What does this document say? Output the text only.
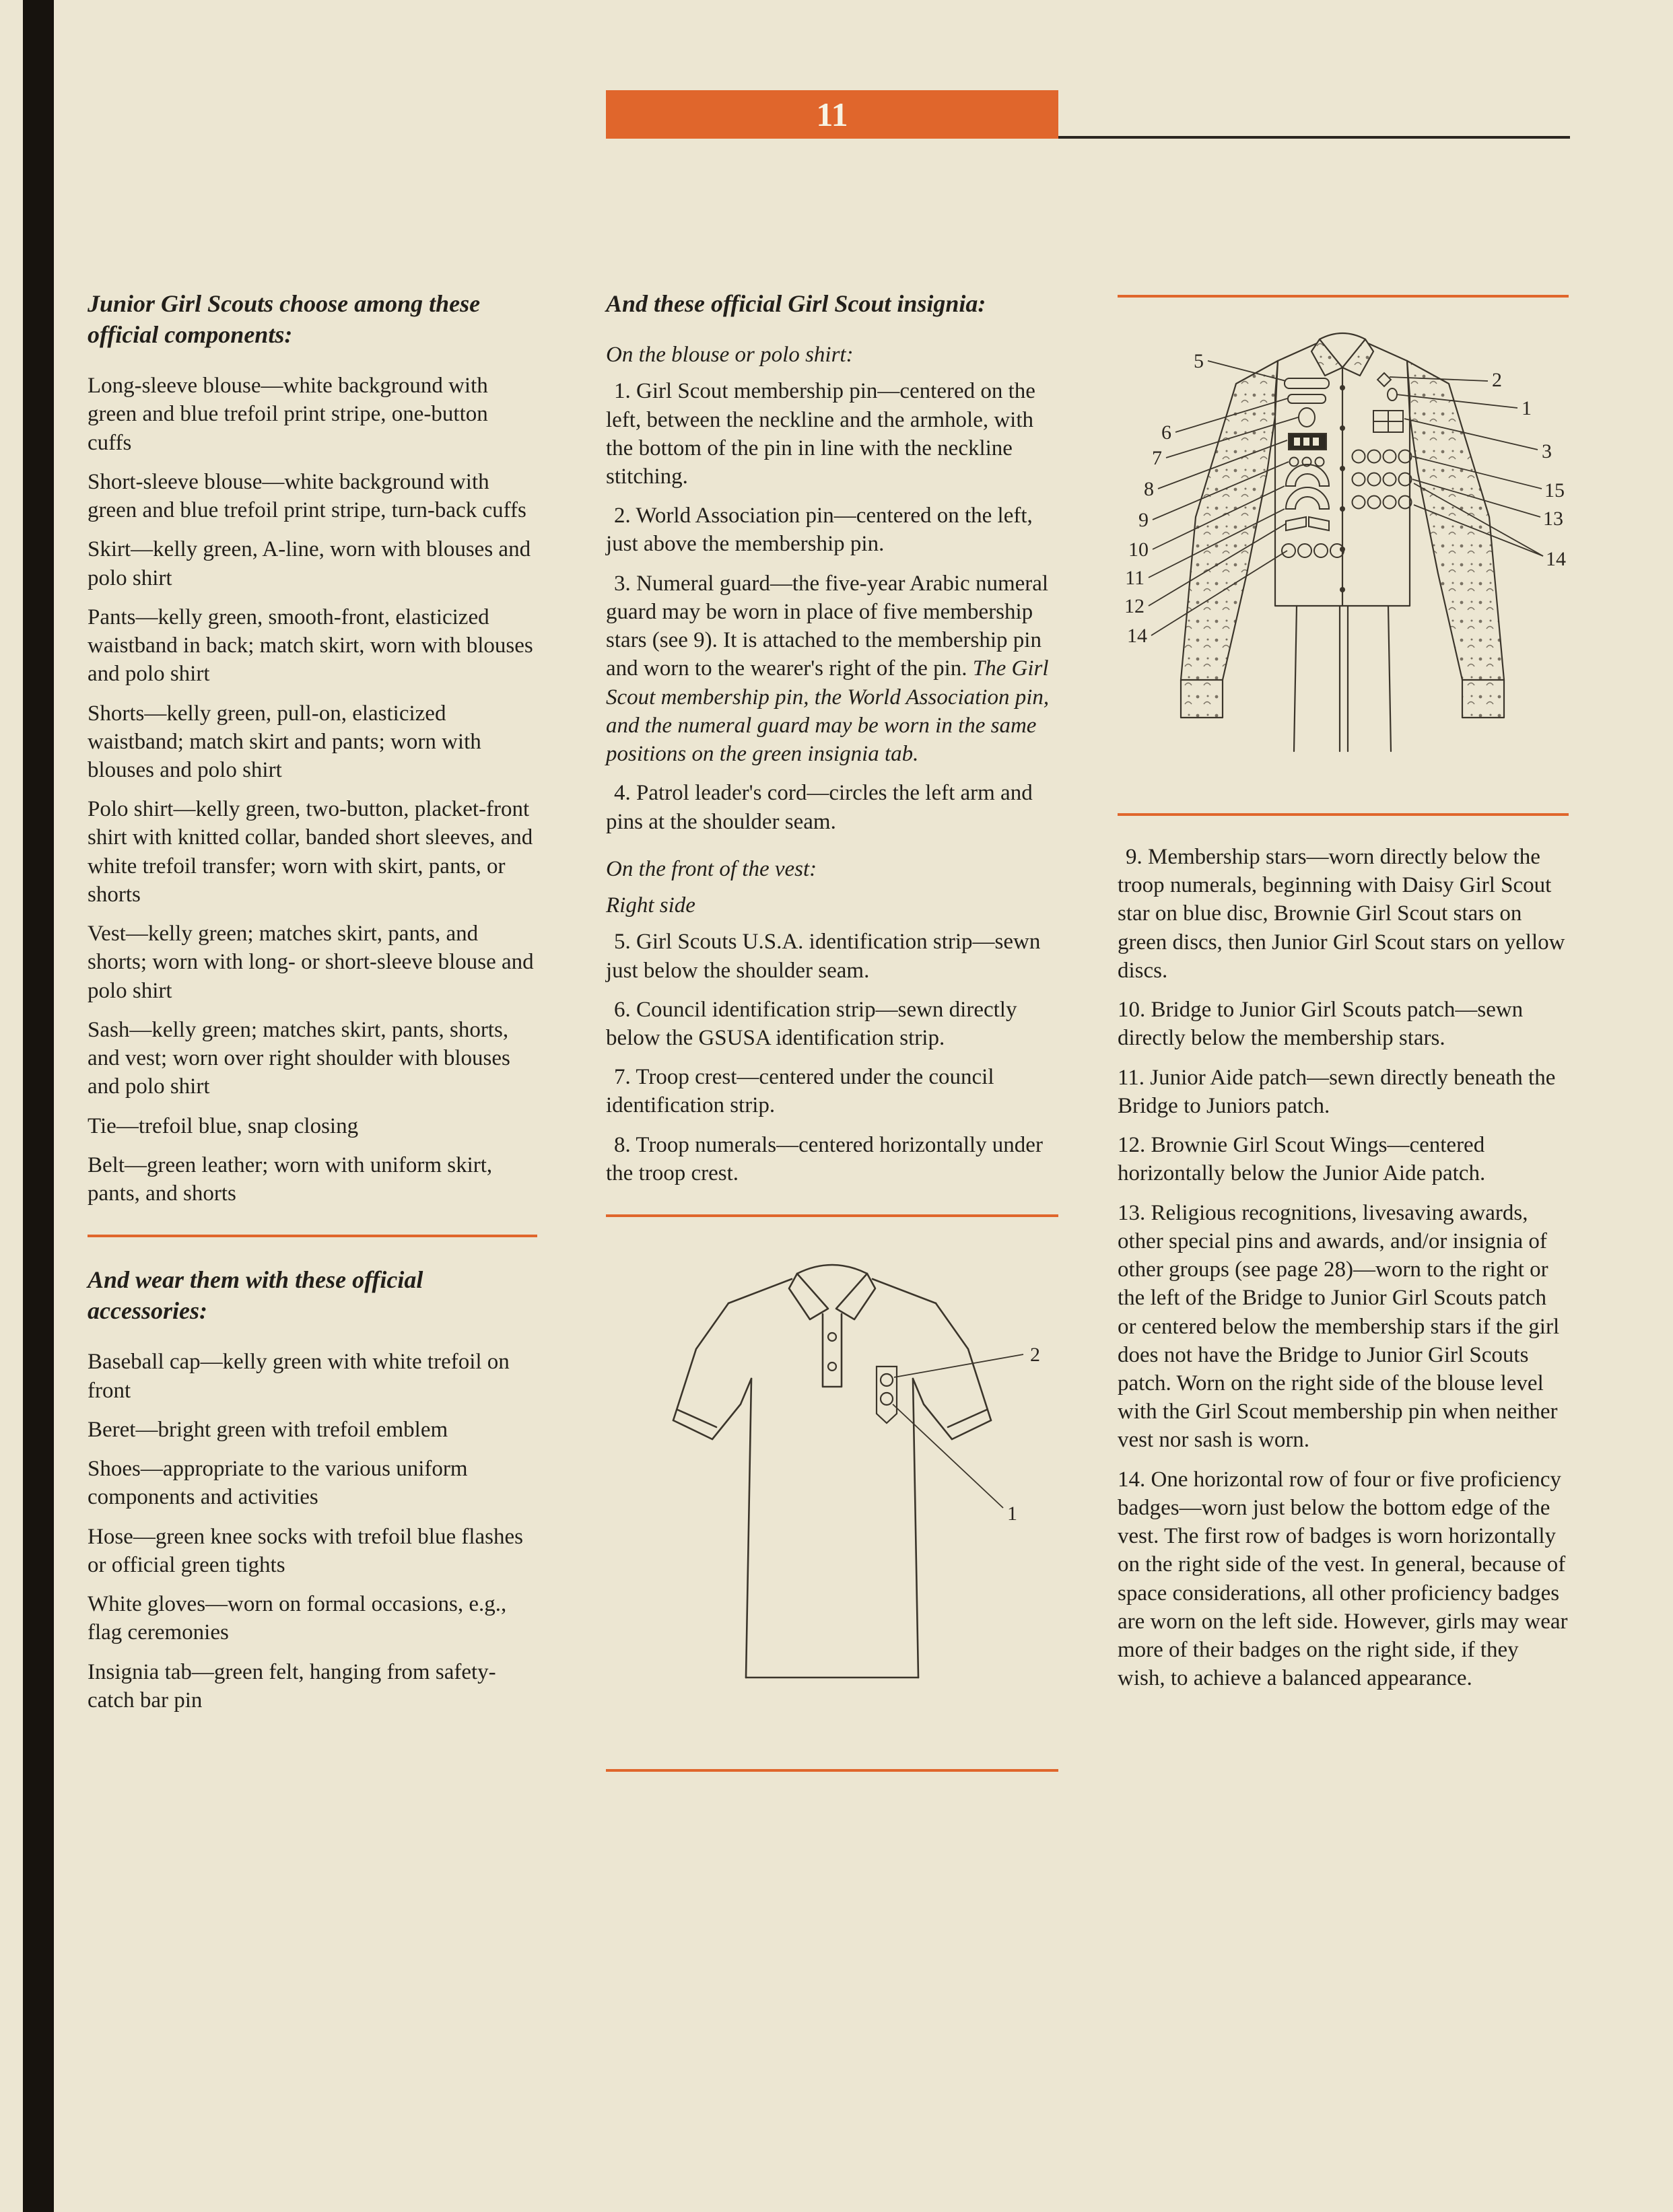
11
Junior Girl Scouts choose among these official components:

Long-sleeve blouse—white background with green and blue trefoil print stripe, one-button cuffs

Short-sleeve blouse—white background with green and blue trefoil print stripe, turn-back cuffs

Skirt—kelly green, A-line, worn with blouses and polo shirt

Pants—kelly green, smooth-front, elasticized waistband in back; match skirt, worn with blouses and polo shirt

Shorts—kelly green, pull-on, elasticized waistband; match skirt and pants; worn with blouses and polo shirt

Polo shirt—kelly green, two-button, placket-front shirt with knitted collar, banded short sleeves, and white trefoil transfer; worn with skirt, pants, or shorts

Vest—kelly green; matches skirt, pants, and shorts; worn with long- or short-sleeve blouse and polo shirt

Sash—kelly green; matches skirt, pants, shorts, and vest; worn over right shoulder with blouses and polo shirt

Tie—trefoil blue, snap closing

Belt—green leather; worn with uniform skirt, pants, and shorts

And wear them with these official accessories:

Baseball cap—kelly green with white trefoil on front

Beret—bright green with trefoil emblem

Shoes—appropriate to the various uniform components and activities

Hose—green knee socks with trefoil blue flashes or official green tights

White gloves—worn on formal occasions, e.g., flag ceremonies

Insignia tab—green felt, hanging from safety-catch bar pin

And these official Girl Scout insignia:

On the blouse or polo shirt:

1. Girl Scout membership pin—centered on the left, between the neckline and the armhole, with the bottom of the pin in line with the neckline stitching.

2. World Association pin—centered on the left, just above the membership pin.

3. Numeral guard—the five-year Arabic numeral guard may be worn in place of five membership stars (see 9). It is attached to the membership pin and worn to the wearer's right of the pin. The Girl Scout membership pin, the World Association pin, and the numeral guard may be worn in the same positions on the green insignia tab.

4. Patrol leader's cord—circles the left arm and pins at the shoulder seam.

On the front of the vest:

Right side

5. Girl Scouts U.S.A. identification strip—sewn just below the shoulder seam.

6. Council identification strip—sewn directly below the GSUSA identification strip.

7. Troop crest—centered under the council identification strip.

8. Troop numerals—centered horizontally under the troop crest.

2
1
5
6
7
8
9
10
11
12
14
2
1
3
15
13
14

9. Membership stars—worn directly below the troop numerals, beginning with Daisy Girl Scout star on blue disc, Brownie Girl Scout stars on green discs, then Junior Girl Scout stars on yellow discs.

10. Bridge to Junior Girl Scouts patch—sewn directly below the membership stars.

11. Junior Aide patch—sewn directly beneath the Bridge to Juniors patch.

12. Brownie Girl Scout Wings—centered horizontally below the Junior Aide patch.

13. Religious recognitions, livesaving awards, other special pins and awards, and/or insignia of other groups (see page 28)—worn to the right or the left of the Bridge to Junior Girl Scouts patch or centered below the membership stars if the girl does not have the Bridge to Junior Girl Scouts patch. Worn on the right side of the blouse level with the Girl Scout membership pin when neither vest nor sash is worn.

14. One horizontal row of four or five proficiency badges—worn just below the bottom edge of the vest. The first row of badges is worn horizontally on the right side of the vest. In general, because of space considerations, all other proficiency badges are worn on the left side. However, girls may wear more of their badges on the right side, if they wish, to achieve a balanced appearance.
